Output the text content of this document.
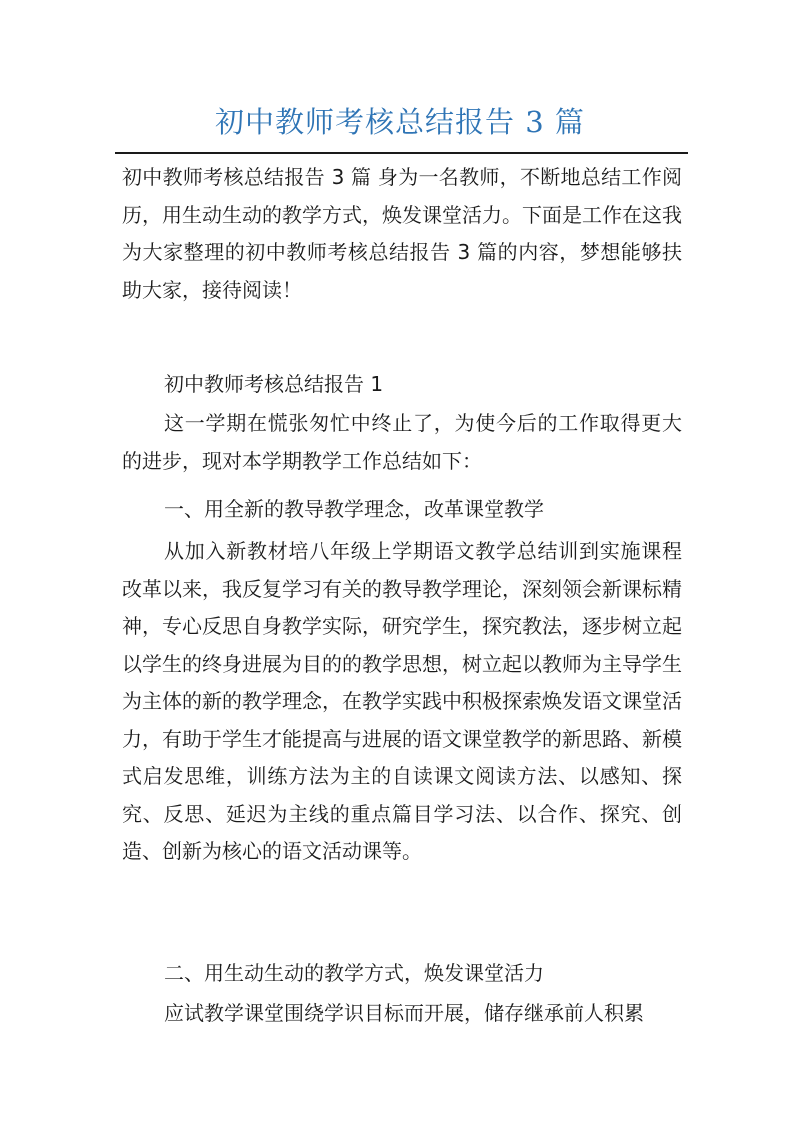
初中教师考核总结报告 3 篇

初中教师考核总结报告 3 篇 身为一名教师，不断地总结工作阅历，用生动生动的教学方式，焕发课堂活力。下面是工作在这我为大家整理的初中教师考核总结报告 3 篇的内容，梦想能够扶助大家，接待阅读！

初中教师考核总结报告 1

这一学期在慌张匆忙中终止了，为使今后的工作取得更大的进步，现对本学期教学工作总结如下：

一、用全新的教导教学理念，改革课堂教学

从加入新教材培八年级上学期语文教学总结训到实施课程改革以来，我反复学习有关的教导教学理论，深刻领会新课标精神，专心反思自身教学实际，研究学生，探究教法，逐步树立起以学生的终身进展为目的的教学思想，树立起以教师为主导学生为主体的新的教学理念，在教学实践中积极探索焕发语文课堂活力，有助于学生才能提高与进展的语文课堂教学的新思路、新模式启发思维，训练方法为主的自读课文阅读方法、以感知、探究、反思、延迟为主线的重点篇目学习法、以合作、探究、创造、创新为核心的语文活动课等。

二、用生动生动的教学方式，焕发课堂活力

应试教学课堂围绕学识目标而开展，储存继承前人积累
